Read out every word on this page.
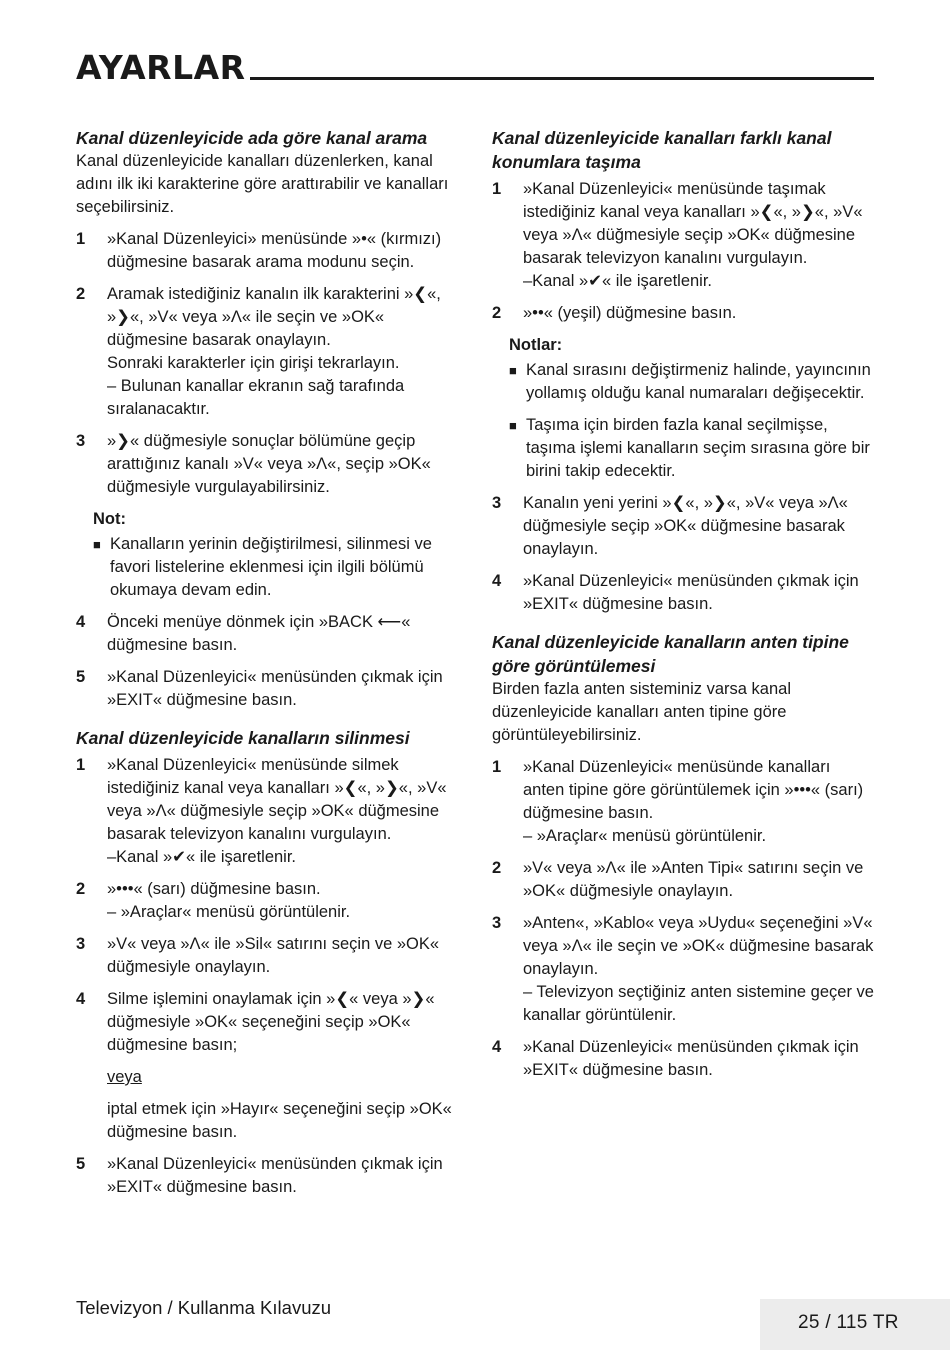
AYARLAR
Kanal düzenleyicide ada göre kanal arama

Kanal düzenleyicide kanalları düzenlerken, kanal adını ilk iki karakterine göre arattırabilir ve kanalları seçebilirsiniz.

1	»Kanal Düzenleyici» menüsünde »•« (kırmızı) düğmesine basarak arama modunu seçin.

2	Aramak istediğiniz kanalın ilk karakterini »❮«, »❯«, »V« veya »Λ« ile seçin ve »OK« düğmesine basarak onaylayın.

Sonraki karakterler için girişi tekrarlayın.

– Bulunan kanallar ekranın sağ tarafında sıralanacaktır.

3	»❯« düğmesiyle sonuçlar bölümüne geçip arattığınız kanalı »V« veya »Λ«, seçip »OK« düğmesiyle vurgulayabilirsiniz.

Not:
■ Kanalların yerinin değiştirilmesi, silinmesi ve favori listelerine eklenmesi için ilgili bölümü okumaya devam edin.
4	Önceki menüye dönmek için »BACK ⟵« düğmesine basın.

5	»Kanal Düzenleyici« menüsünden çıkmak için »EXIT« düğmesine basın.

Kanal düzenleyicide kanalların silinmesi
1	»Kanal Düzenleyici« menüsünde silmek istediğiniz kanal veya kanalları »❮«, »❯«, »V« veya »Λ« düğmesiyle seçip »OK« düğmesine basarak televizyon kanalını vurgulayın.

–Kanal »✔« ile işaretlenir.

2	»•••« (sarı) düğmesine basın.

– »Araçlar« menüsü görüntülenir.

3	»V« veya »Λ« ile »Sil« satırını seçin ve »OK« düğmesiyle onaylayın.

4	Silme işlemini onaylamak için »❮« veya »❯« düğmesiyle »OK« seçeneğini seçip »OK« düğmesine basın;

veya

iptal etmek için »Hayır« seçeneğini seçip »OK« düğmesine basın.

5	»Kanal Düzenleyici« menüsünden çıkmak için »EXIT« düğmesine basın.

Kanal düzenleyicide kanalları farklı kanal konumlara taşıma
1	»Kanal Düzenleyici« menüsünde taşımak istediğiniz kanal veya kanalları »❮«, »❯«, »V« veya »Λ« düğmesiyle seçip »OK« düğmesine basarak televizyon kanalını vurgulayın.

–Kanal »✔« ile işaretlenir.

2	»••« (yeşil) düğmesine basın.

Notlar:
■ Kanal sırasını değiştirmeniz halinde, yayıncının yollamış olduğu kanal numaraları değişecektir.
■ Taşıma için birden fazla kanal seçilmişse, taşıma işlemi kanalların seçim sırasına göre bir birini takip edecektir.
3	Kanalın yeni yerini »❮«, »❯«, »V« veya »Λ« düğmesiyle seçip »OK« düğmesine basarak onaylayın.

4	»Kanal Düzenleyici« menüsünden çıkmak için »EXIT« düğmesine basın.

Kanal düzenleyicide kanalların anten tipine göre görüntülemesi

Birden fazla anten sisteminiz varsa kanal düzenleyicide kanalları anten tipine göre görüntüleyebilirsiniz.

1	»Kanal Düzenleyici« menüsünde kanalları anten tipine göre görüntülemek için »•••« (sarı) düğmesine basın.

– »Araçlar« menüsü görüntülenir.

2	»V« veya »Λ« ile »Anten Tipi« satırını seçin ve »OK« düğmesiyle onaylayın.

3	»Anten«, »Kablo« veya »Uydu« seçeneğini »V« veya »Λ« ile seçin ve »OK« düğmesine basarak onaylayın.

– Televizyon seçtiğiniz anten sistemine geçer ve kanallar görüntülenir.

4	»Kanal Düzenleyici« menüsünden çıkmak için »EXIT« düğmesine basın.

Televizyon / Kullanma Kılavuzu
25 / 115 TR
